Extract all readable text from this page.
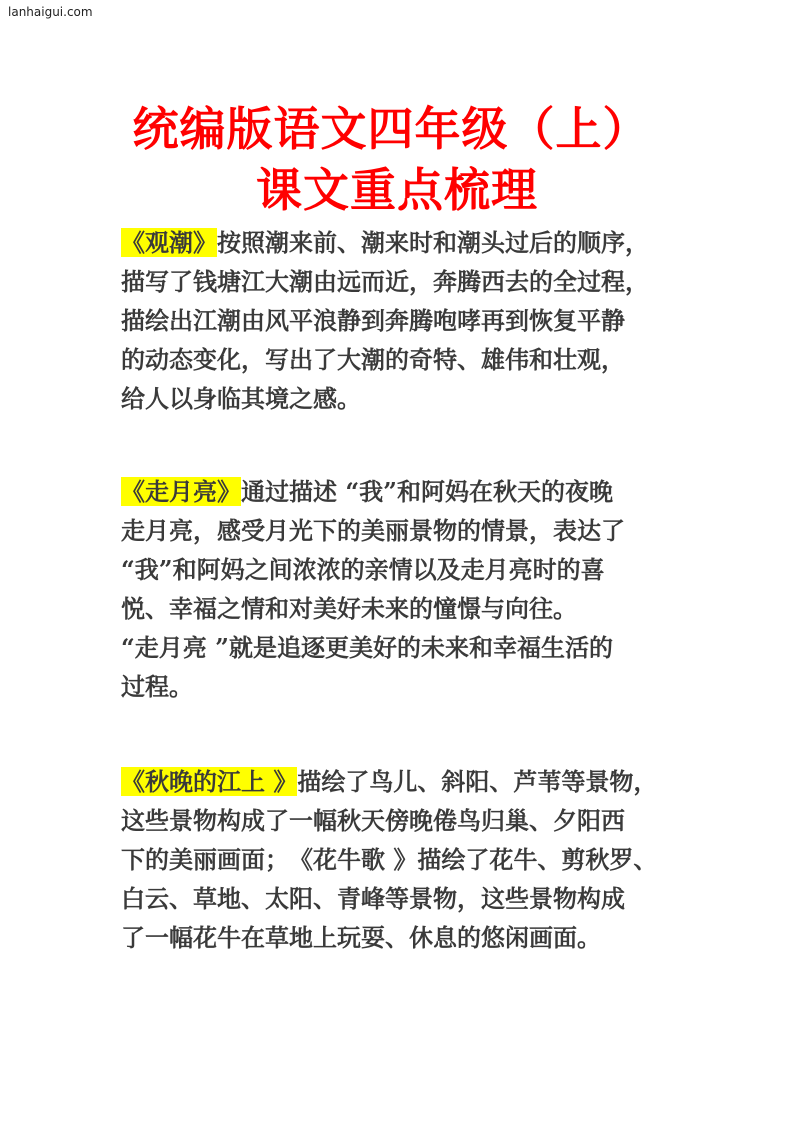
lanhaigui.com
统编版语文四年级（上）
课文重点梳理
《观潮》按照潮来前、潮来时和潮头过后的顺序，
描写了钱塘江大潮由远而近，奔腾西去的全过程，
描绘出江潮由风平浪静到奔腾咆哮再到恢复平静
的动态变化，写出了大潮的奇特、雄伟和壮观，
给人以身临其境之感。
《走月亮》通过描述 “我”和阿妈在秋天的夜晚
走月亮，感受月光下的美丽景物的情景，表达了
“我”和阿妈之间浓浓的亲情以及走月亮时的喜
悦、幸福之情和对美好未来的憧憬与向往。
“走月亮 ”就是追逐更美好的未来和幸福生活的
过程。
《秋晚的江上 》描绘了鸟儿、斜阳、芦苇等景物，
这些景物构成了一幅秋天傍晚倦鸟归巢、夕阳西
下的美丽画面；　 《花牛歌 》描绘了花牛、剪秋罗、
白云、草地、太阳、青峰等景物，这些景物构成
了一幅花牛在草地上玩耍、休息的悠闲画面。
